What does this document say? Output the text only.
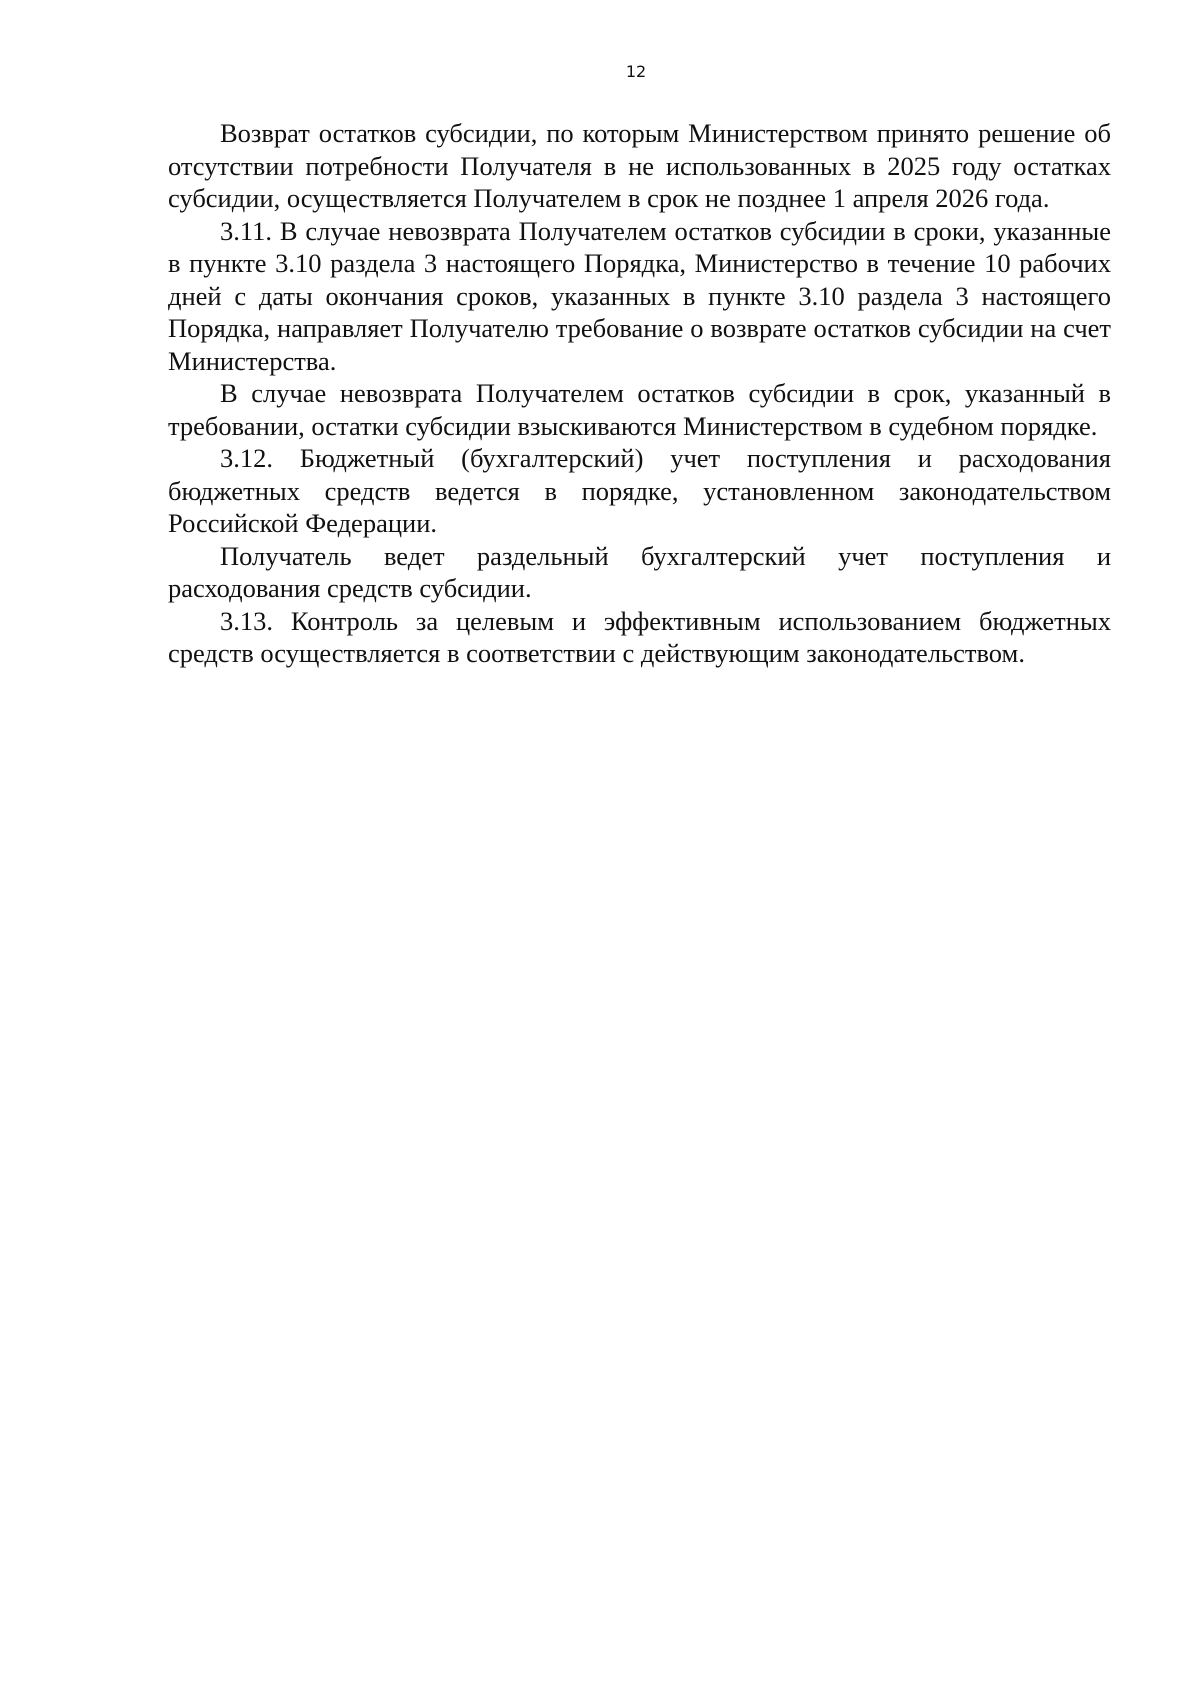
12

Возврат остатков субсидии, по которым Министерством принято решение об отсутствии потребности Получателя в не использованных в 2025 году остатках субсидии, осуществляется Получателем в срок не позднее 1 апреля 2026 года.

3.11. В случае невозврата Получателем остатков субсидии в сроки, указанные в пункте 3.10 раздела 3 настоящего Порядка, Министерство в течение 10 рабочих дней с даты окончания сроков, указанных в пункте 3.10 раздела 3 настоящего Порядка, направляет Получателю требование о возврате остатков субсидии на счет Министерства.

В случае невозврата Получателем остатков субсидии в срок, указанный в требовании, остатки субсидии взыскиваются Министерством в судебном порядке.

3.12. Бюджетный (бухгалтерский) учет поступления и расходования бюджетных средств ведется в порядке, установленном законодательством Российской Федерации.

Получатель ведет раздельный бухгалтерский учет поступления и расходования средств субсидии.

3.13. Контроль за целевым и эффективным использованием бюджетных средств осуществляется в соответствии с действующим законодательством.
